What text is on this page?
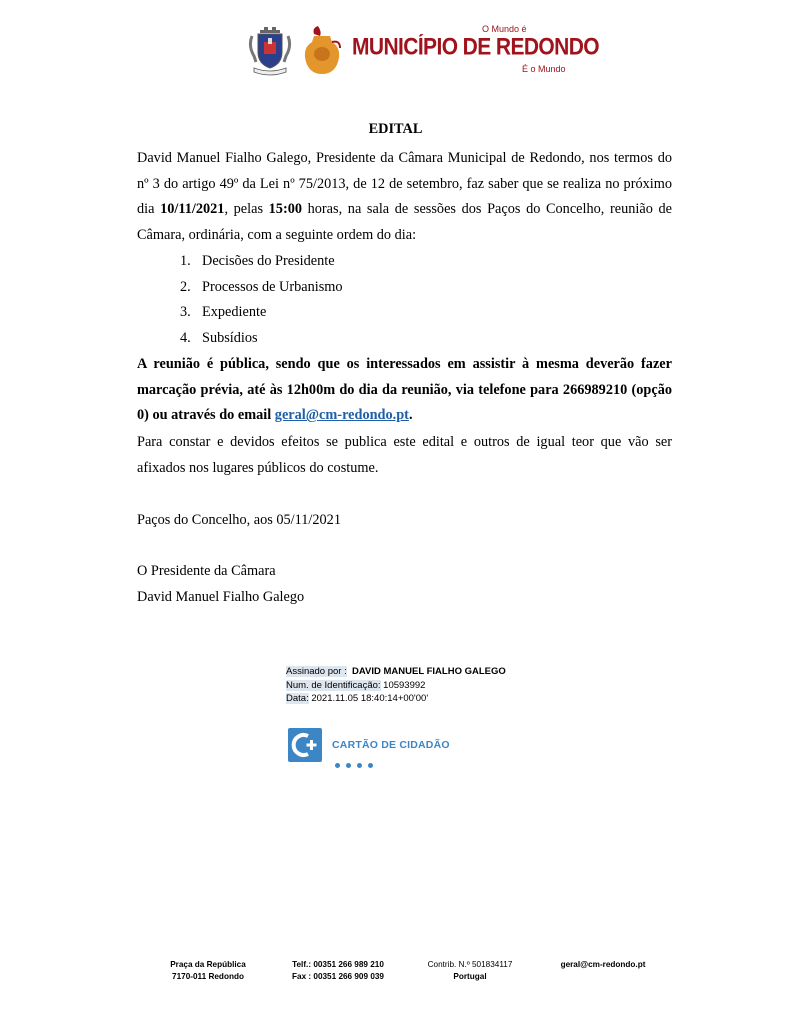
O Mundo é
MUNICÍPIO DE REDONDO
É o Mundo
EDITAL
David Manuel Fialho Galego, Presidente da Câmara Municipal de Redondo, nos termos do nº 3 do artigo 49º da Lei nº 75/2013, de 12 de setembro, faz saber que se realiza no próximo dia 10/11/2021, pelas 15:00 horas, na sala de sessões dos Paços do Concelho, reunião de Câmara, ordinária, com a seguinte ordem do dia:
1. Decisões do Presidente
2. Processos de Urbanismo
3. Expediente
4. Subsídios
A reunião é pública, sendo que os interessados em assistir à mesma deverão fazer marcação prévia, até às 12h00m do dia da reunião, via telefone para 266989210 (opção 0) ou através do email geral@cm-redondo.pt.
Para constar e devidos efeitos se publica este edital e outros de igual teor que vão ser afixados nos lugares públicos do costume.
Paços do Concelho, aos 05/11/2021
O Presidente da Câmara
David Manuel Fialho Galego
Assinado por : DAVID MANUEL FIALHO GALEGO
Num. de Identificação: 10593992
Data: 2021.11.05 18:40:14+00'00'
CARTÃO DE CIDADÃO
Praça da República
7170-011 Redondo
Telf.: 00351 266 989 210
Fax : 00351 266 909 039
Contrib. N.º 501834117
Portugal
geral@cm-redondo.pt
